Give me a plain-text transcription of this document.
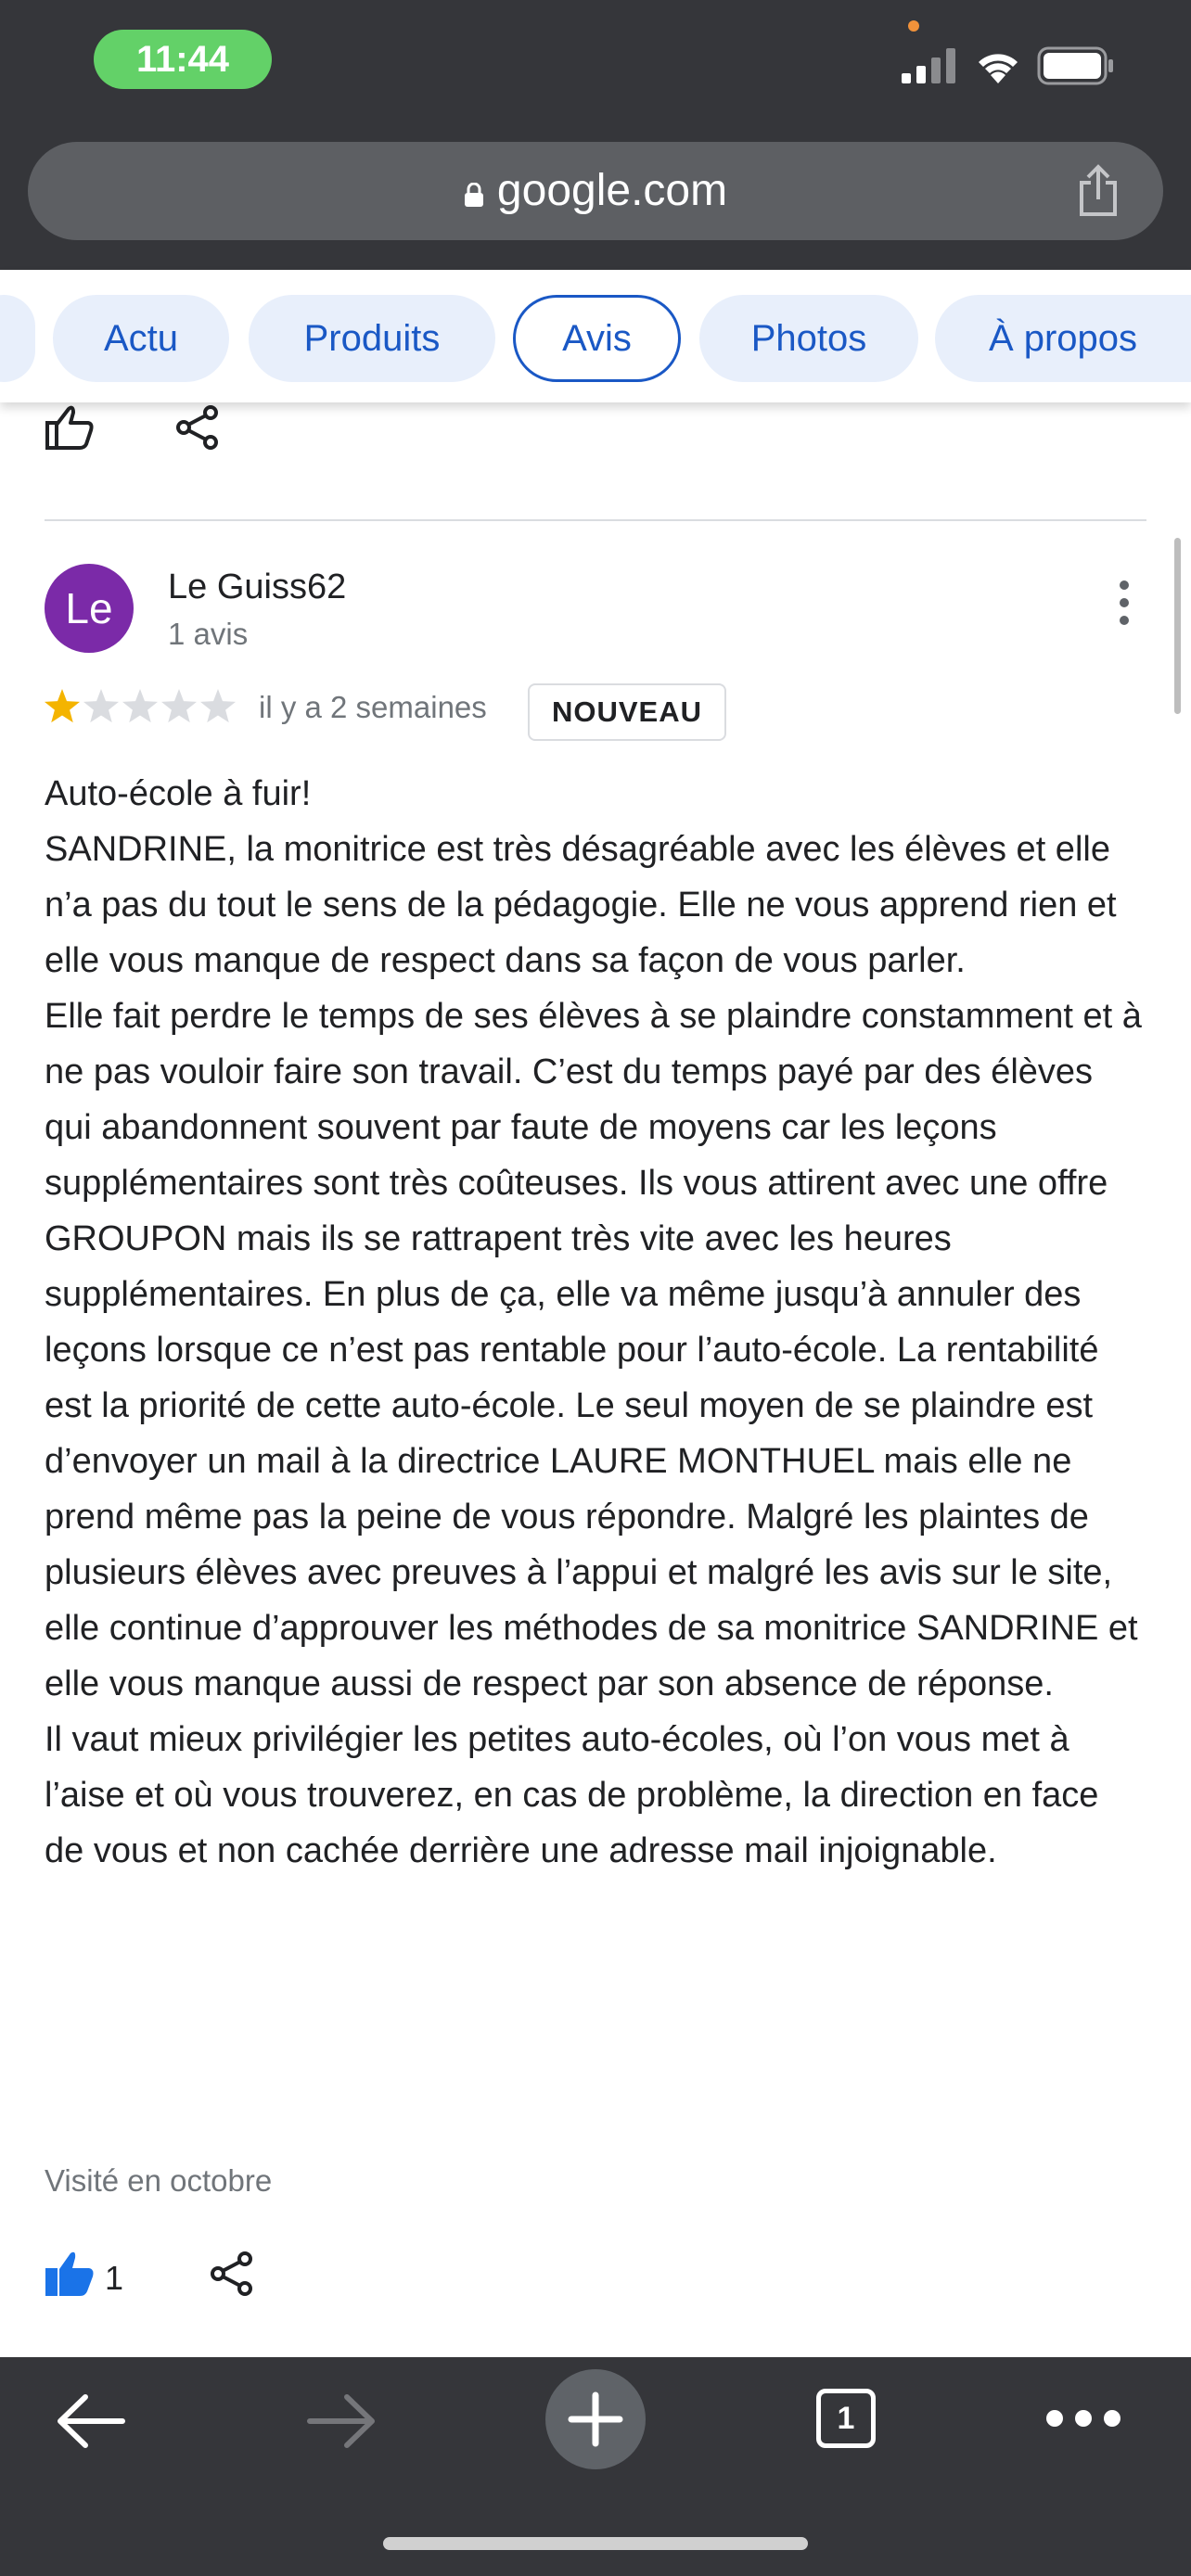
11:44
google.com
Actu	Produits	Avis	Photos	À propos
Le	Le Guiss62
1 avis
il y a 2 semaines	NOUVEAU

Auto-école à fuir!
SANDRINE, la monitrice est très désagréable avec les élèves et elle n’a pas du tout le sens de la pédagogie. Elle ne vous apprend rien et elle vous manque de respect dans sa façon de vous parler.
Elle fait perdre le temps de ses élèves à se plaindre constamment et à ne pas vouloir faire son travail. C’est du temps payé par des élèves qui abandonnent souvent par faute de moyens car les leçons supplémentaires sont très coûteuses. Ils vous attirent avec une offre GROUPON mais ils se rattrapent très vite avec les heures supplémentaires. En plus de ça, elle va même jusqu’à annuler des leçons lorsque ce n’est pas rentable pour l’auto-école. La rentabilité est la priorité de cette auto-école. Le seul moyen de se plaindre est d’envoyer un mail à la directrice LAURE MONTHUEL mais elle ne prend même pas la peine de vous répondre. Malgré les plaintes de plusieurs élèves avec preuves à l’appui et malgré les avis sur le site, elle continue d’approuver les méthodes de sa monitrice SANDRINE et elle vous manque aussi de respect par son absence de réponse.
Il vaut mieux privilégier les petites auto-écoles, où l’on vous met à l’aise et où vous trouverez, en cas de problème, la direction en face de vous et non cachée derrière une adresse mail injoignable.

Visité en octobre
1
1
